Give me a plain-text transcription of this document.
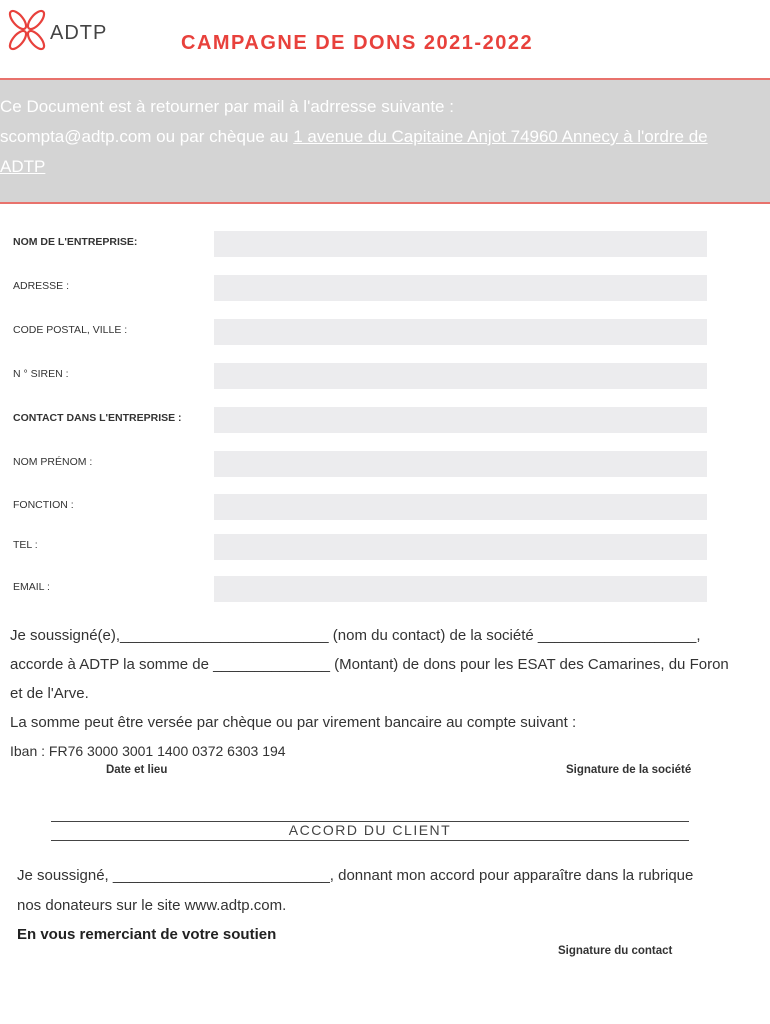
ADTP	CAMPAGNE DE DONS 2021-2022
Ce Document est à retourner par mail à l'adrresse suivante :
scompta@adtp.com ou par chèque au 1 avenue du Capitaine Anjot 74960 Annecy à l'ordre de
ADTP
NOM DE L'ENTREPRISE:
ADRESSE :
CODE POSTAL, VILLE :
N ° SIREN :
CONTACT DANS L'ENTREPRISE :
NOM PRÉNOM :
FONCTION :
TEL :
EMAIL :
Je soussigné(e),_________________________ (nom du contact) de la société ___________________,
accorde à ADTP la somme de ______________ (Montant) de dons pour les ESAT des Camarines, du Foron
et de l'Arve.
La somme peut être versée par chèque ou par virement bancaire au compte suivant :
Iban : FR76 3000 3001 1400 0372 6303 194
Date et lieu	Signature de la société
ACCORD DU CLIENT
Je soussigné, __________________________, donnant mon accord pour apparaître dans la rubrique
nos donateurs sur le site www.adtp.com.
En vous remerciant de votre soutien
Signature du contact
